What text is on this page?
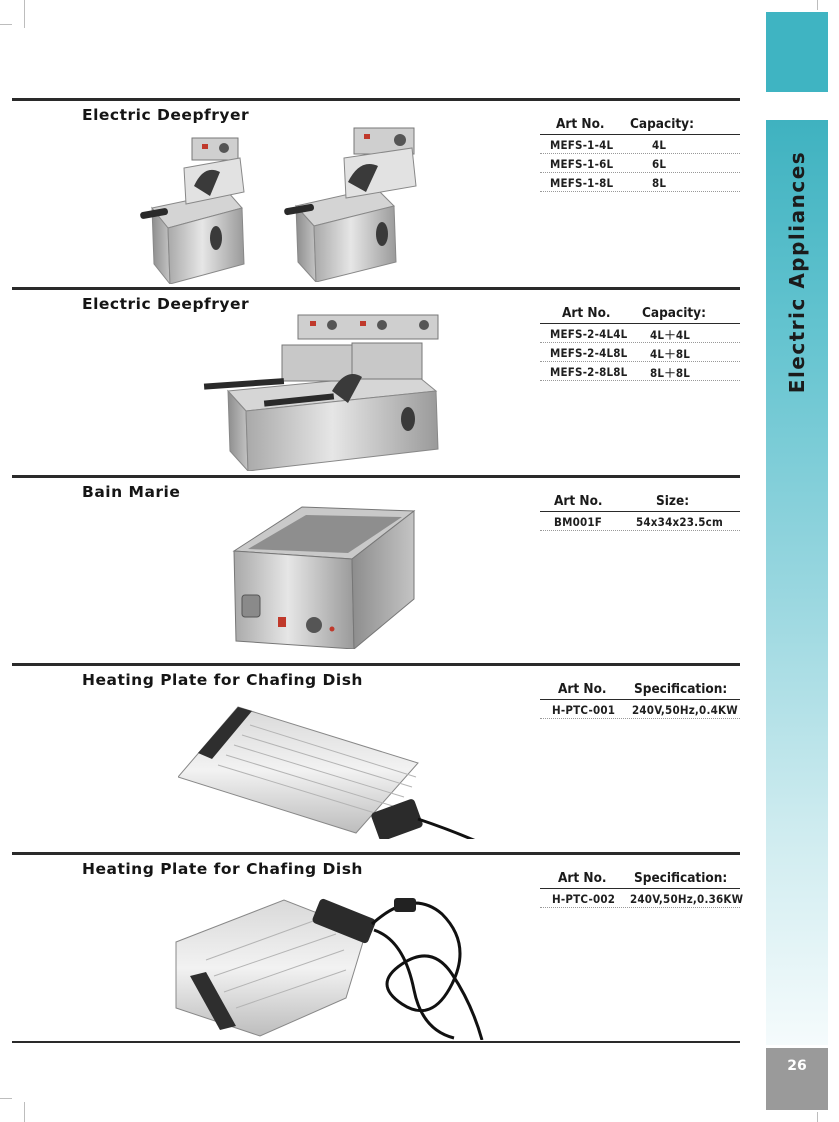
Electric Appliances
26
Electric Deepfryer	Art No. Capacity:
MEFS-1-4L	4L
MEFS-1-6L	6L
MEFS-1-8L	8L
Electric Deepfryer	Art No. Capacity:
MEFS-2-4L4L 4L＋4L
MEFS-2-4L8L 4L＋8L
MEFS-2-8L8L 8L＋8L
Bain Marie	Art No.	Size:
BM001F	54x34x23.5cm
Heating Plate for Chafing Dish	Art No. Specification:
H-PTC-001 240V,50Hz,0.4KW
Heating Plate for Chafing Dish	Art No. Specification:
H-PTC-002 240V,50Hz,0.36KW
